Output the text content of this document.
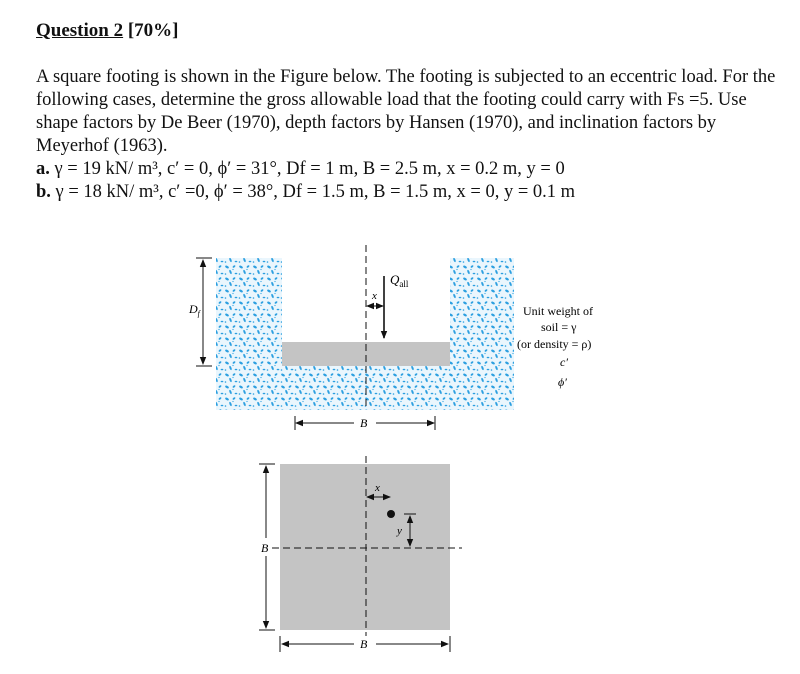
Question 2 [70%]

A square footing is shown in the Figure below. The footing is subjected to an eccentric load. For the following cases, determine the gross allowable load that the footing could carry with Fs =5. Use shape factors by De Beer (1970), depth factors by Hansen (1970), and inclination factors by Meyerhof (1963).

a. γ = 19 kN/ m³, c′ = 0, ϕ′ = 31°, Df = 1 m, B = 2.5 m, x = 0.2 m, y = 0
b. γ = 18 kN/ m³, c′ =0, ϕ′ = 38°, Df = 1.5 m, B = 1.5 m, x = 0, y = 0.1 m
$Q_{all}$
x
$D_f$
B
Unit weight of
soil = γ
(or density = ρ)
c′
ϕ′
x
y
B
B
